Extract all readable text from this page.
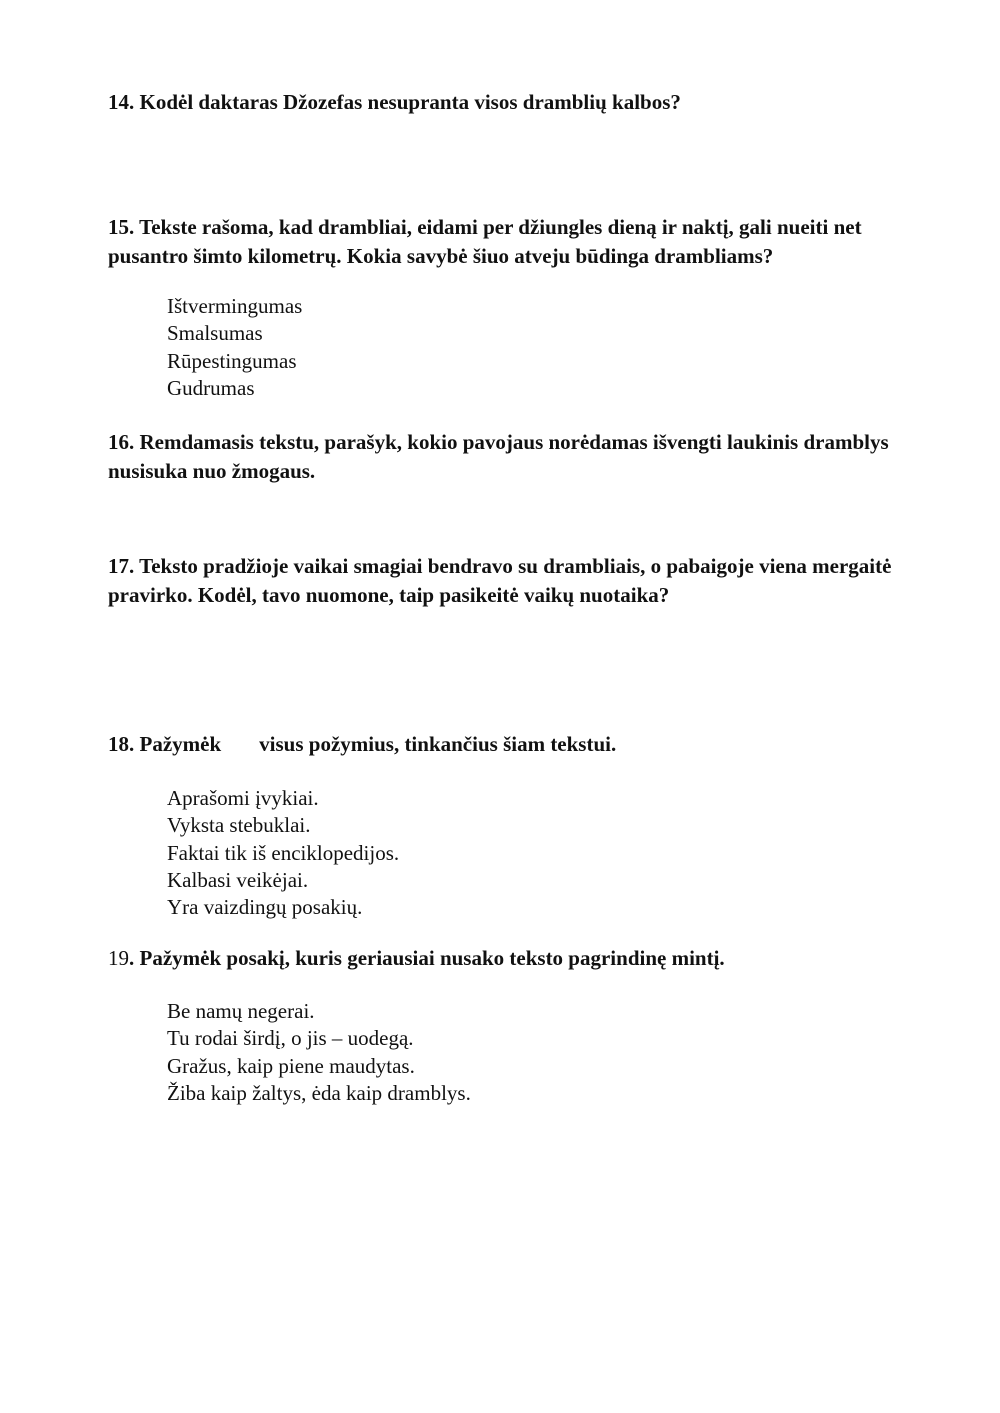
14. Kodėl daktaras Džozefas nesupranta visos dramblių kalbos?

15. Tekste rašoma, kad drambliai, eidami per džiungles dieną ir naktį, gali nueiti net pusantro šimto kilometrų. Kokia savybė šiuo atveju būdinga drambliams?

Ištvermingumas
Smalsumas
Rūpestingumas
Gudrumas

16. Remdamasis tekstu, parašyk, kokio pavojaus norėdamas išvengti laukinis dramblys nusisuka nuo žmogaus.

17. Teksto pradžioje vaikai smagiai bendravo su drambliais, o pabaigoje viena mergaitė pravirko. Kodėl, tavo nuomone, taip pasikeitė vaikų nuotaika?

18. Pažymėk visus požymius, tinkančius šiam tekstui.

Aprašomi įvykiai.
Vyksta stebuklai.
Faktai tik iš enciklopedijos.
Kalbasi veikėjai.
Yra vaizdingų posakių.

19. Pažymėk posakį, kuris geriausiai nusako teksto pagrindinę mintį.

Be namų negerai.
Tu rodai širdį, o jis – uodegą.
Gražus, kaip piene maudytas.
Žiba kaip žaltys, ėda kaip dramblys.
